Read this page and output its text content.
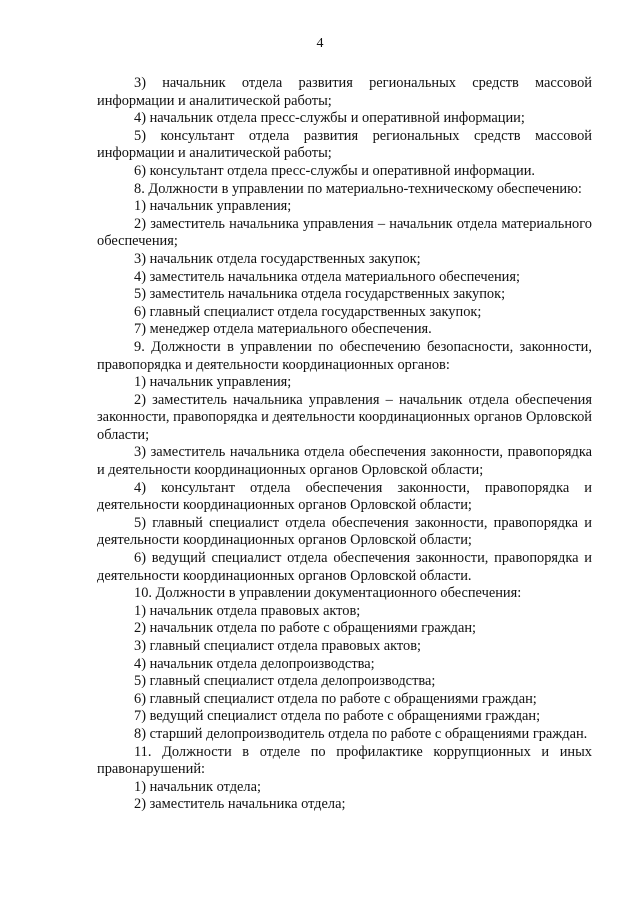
4

3) начальник отдела развития региональных средств массовой информации и аналитической работы;

4) начальник отдела пресс-службы и оперативной информации;

5) консультант отдела развития региональных средств массовой информации и аналитической работы;

6) консультант отдела пресс-службы и оперативной информации.

8. Должности в управлении по материально-техническому обеспечению:

1) начальник управления;

2) заместитель начальника управления – начальник отдела материального обеспечения;

3) начальник отдела государственных закупок;

4) заместитель начальника отдела материального обеспечения;

5) заместитель начальника отдела государственных закупок;

6) главный специалист отдела государственных закупок;

7) менеджер отдела материального обеспечения.

9. Должности в управлении по обеспечению безопасности, законности, правопорядка и деятельности координационных органов:

1) начальник управления;

2) заместитель начальника управления – начальник отдела обеспечения законности, правопорядка и деятельности координационных органов Орловской области;

3) заместитель начальника отдела обеспечения законности, правопорядка и деятельности координационных органов Орловской области;

4) консультант отдела обеспечения законности, правопорядка и деятельности координационных органов Орловской области;

5) главный специалист отдела обеспечения законности, правопорядка и деятельности координационных органов Орловской области;

6) ведущий специалист отдела обеспечения законности, правопорядка и деятельности координационных органов Орловской области.

10. Должности в управлении документационного обеспечения:

1) начальник отдела правовых актов;

2) начальник отдела по работе с обращениями граждан;

3) главный специалист отдела правовых актов;

4) начальник отдела делопроизводства;

5) главный специалист отдела делопроизводства;

6) главный специалист отдела по работе с обращениями граждан;

7) ведущий специалист отдела по работе с обращениями граждан;

8) старший делопроизводитель отдела по работе с обращениями граждан.

11. Должности в отделе по профилактике коррупционных и иных правонарушений:

1) начальник отдела;

2) заместитель начальника отдела;
